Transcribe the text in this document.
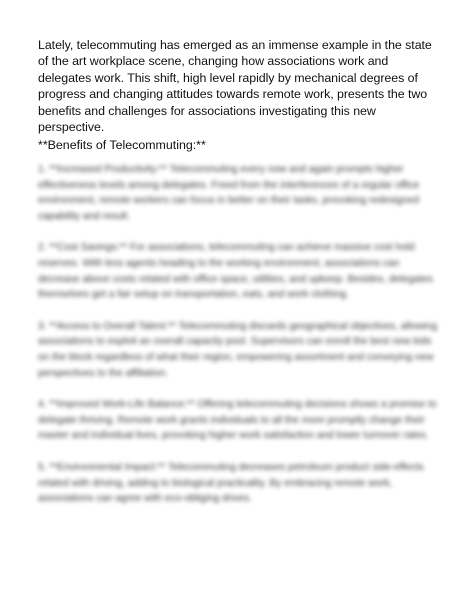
Lately, telecommuting has emerged as an immense example in the state of the art workplace scene, changing how associations work and delegates work. This shift, high level rapidly by mechanical degrees of progress and changing attitudes towards remote work, presents the two benefits and challenges for associations investigating this new perspective.

**Benefits of Telecommuting:**

1. **Increased Productivity:** Telecommuting every now and again prompts higher effectiveness levels among delegates. Freed from the interferences of a regular office environment, remote workers can focus in better on their tasks, provoking redesigned capability and result.

2. **Cost Savings:** For associations, telecommuting can achieve massive cost hold reserves. With less agents heading to the working environment, associations can decrease above costs related with office space, utilities, and upkeep. Besides, delegates themselves get a fair setup on transportation, eats, and work clothing.

3. **Access to Overall Talent:** Telecommuting discards geographical objectives, allowing associations to exploit an overall capacity pool. Supervisors can enroll the best new kids on the block regardless of what their region, empowering assortment and conveying new perspectives to the affiliation.

4. **Improved Work-Life Balance:** Offering telecommuting decisions shows a promise to delegate thriving. Remote work grants individuals to all the more promptly change their master and individual lives, provoking higher work satisfaction and lower turnover rates.

5. **Environmental Impact:** Telecommuting decreases petroleum product side-effects related with driving, adding to biological practicality. By embracing remote work, associations can agree with eco-obliging drives.
